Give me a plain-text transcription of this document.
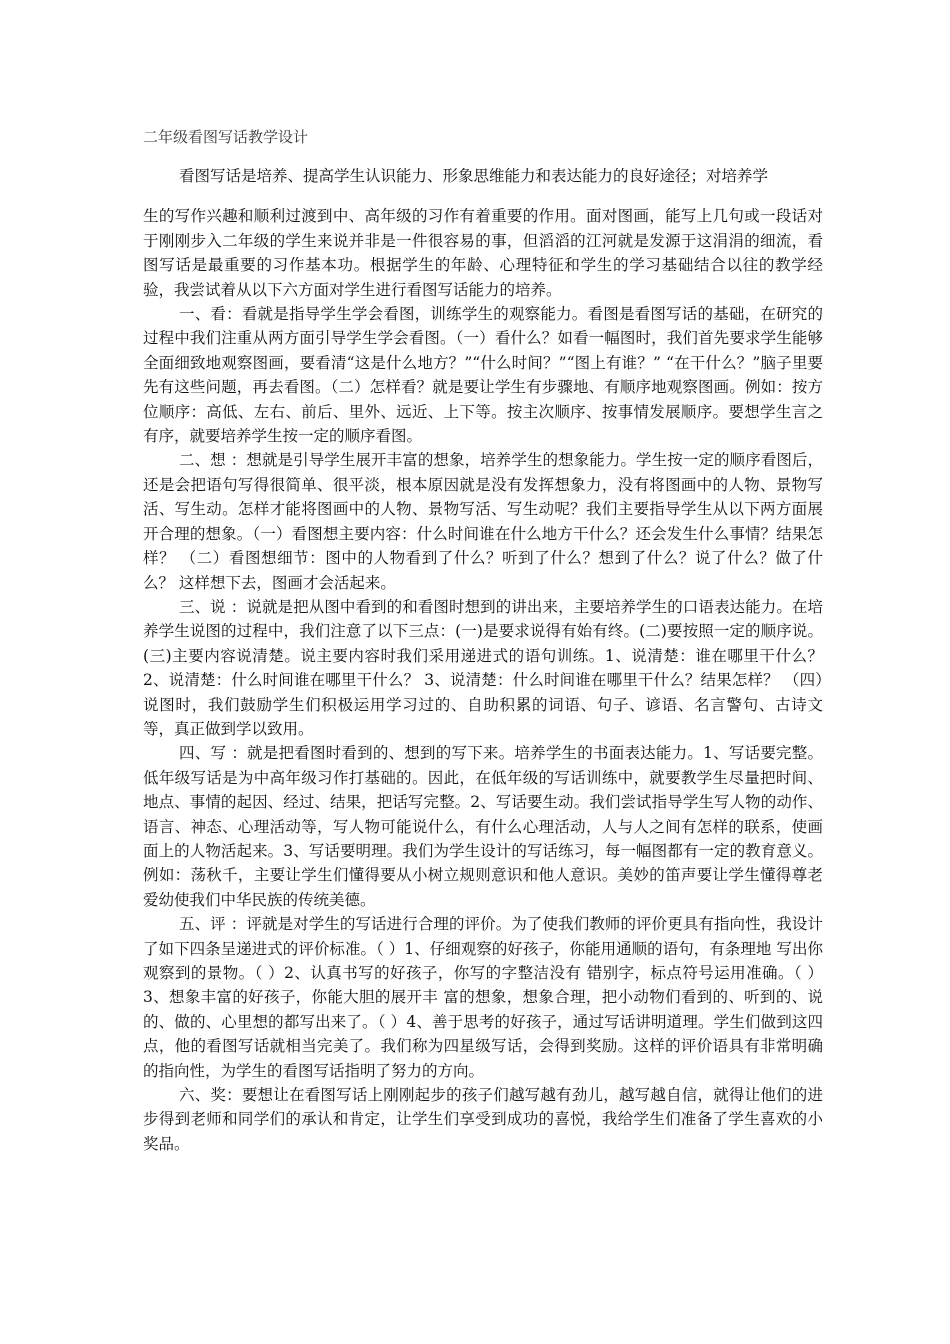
二年级看图写话教学设计

看图写话是培养、提高学生认识能力、形象思维能力和表达能力的良好途径；对培养学

生的写作兴趣和顺利过渡到中、高年级的习作有着重要的作用。面对图画，能写上几句或一段话对于刚刚步入二年级的学生来说并非是一件很容易的事，但滔滔的江河就是发源于这涓涓的细流，看图写话是最重要的习作基本功。根据学生的年龄、心理特征和学生的学习基础结合以往的教学经验，我尝试着从以下六方面对学生进行看图写话能力的培养。

一、看：看就是指导学生学会看图，训练学生的观察能力。看图是看图写话的基础，在研究的过程中我们注重从两方面引导学生学会看图。（一）看什么？如看一幅图时，我们首先要求学生能够全面细致地观察图画，要看清“这是什么地方？”“什么时间？”“图上有谁？” “在干什么？”脑子里要先有这些问题，再去看图。（二）怎样看？就是要让学生有步骤地、有顺序地观察图画。例如：按方位顺序：高低、左右、前后、里外、远近、上下等。按主次顺序、按事情发展顺序。要想学生言之有序，就要培养学生按一定的顺序看图。

二、想 ：想就是引导学生展开丰富的想象，培养学生的想象能力。学生按一定的顺序看图后，还是会把语句写得很简单、很平淡，根本原因就是没有发挥想象力，没有将图画中的人物、景物写活、写生动。怎样才能将图画中的人物、景物写活、写生动呢？我们主要指导学生从以下两方面展开合理的想象。（一）看图想主要内容：什么时间谁在什么地方干什么？还会发生什么事情？结果怎样？ （二）看图想细节：图中的人物看到了什么？听到了什么？想到了什么？说了什么？做了什么？ 这样想下去，图画才会活起来。

三、说 ：说就是把从图中看到的和看图时想到的讲出来，主要培养学生的口语表达能力。在培养学生说图的过程中，我们注意了以下三点：(一)是要求说得有始有终。(二)要按照一定的顺序说。(三)主要内容说清楚。说主要内容时我们采用递进式的语句训练。1、说清楚：谁在哪里干什么？ 2、说清楚：什么时间谁在哪里干什么？ 3、说清楚：什么时间谁在哪里干什么？结果怎样？ （四）说图时，我们鼓励学生们积极运用学习过的、自助积累的词语、句子、谚语、名言警句、古诗文等，真正做到学以致用。

四、写 ：就是把看图时看到的、想到的写下来。培养学生的书面表达能力。1、写话要完整。低年级写话是为中高年级习作打基础的。因此，在低年级的写话训练中，就要教学生尽量把时间、地点、事情的起因、经过、结果，把话写完整。2、写话要生动。我们尝试指导学生写人物的动作、语言、神态、心理活动等，写人物可能说什么，有什么心理活动，人与人之间有怎样的联系，使画面上的人物活起来。3、写话要明理。我们为学生设计的写话练习，每一幅图都有一定的教育意义。例如：荡秋千，主要让学生们懂得要从小树立规则意识和他人意识。美妙的笛声要让学生懂得尊老爱幼使我们中华民族的传统美德。

五、评 ：评就是对学生的写话进行合理的评价。为了使我们教师的评价更具有指向性，我设计了如下四条呈递进式的评价标准。（ ）1、仔细观察的好孩子，你能用通顺的语句，有条理地 写出你观察到的景物。（ ）2、认真书写的好孩子，你写的字整洁没有 错别字，标点符号运用准确。（ ）3、想象丰富的好孩子，你能大胆的展开丰 富的想象，想象合理，把小动物们看到的、听到的、说的、做的、心里想的都写出来了。（ ）4、善于思考的好孩子，通过写话讲明道理。学生们做到这四点，他的看图写话就相当完美了。我们称为四星级写话，会得到奖励。这样的评价语具有非常明确的指向性，为学生的看图写话指明了努力的方向。

六、奖：要想让在看图写话上刚刚起步的孩子们越写越有劲儿，越写越自信，就得让他们的进步得到老师和同学们的承认和肯定，让学生们享受到成功的喜悦，我给学生们准备了学生喜欢的小奖品。
